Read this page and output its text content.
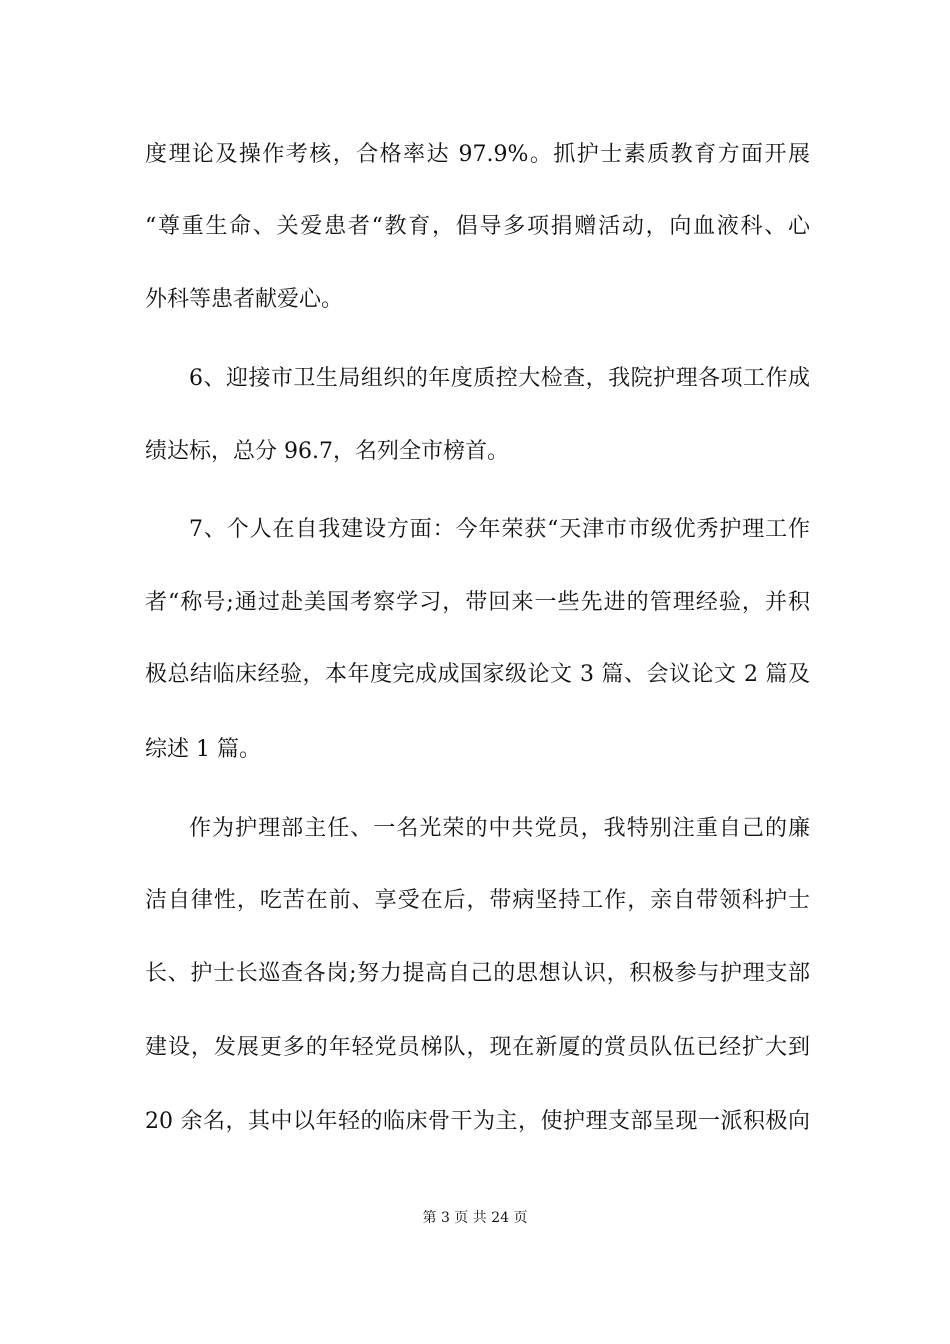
度理论及操作考核，合格率达 97.9%。抓护士素质教育方面开展
“尊重生命、关爱患者“教育，倡导多项捐赠活动，向血液科、心
外科等患者献爱心。
6、迎接市卫生局组织的年度质控大检查，我院护理各项工作成
绩达标，总分 96.7，名列全市榜首。
7、个人在自我建设方面：今年荣获“天津市市级优秀护理工作
者“称号;通过赴美国考察学习，带回来一些先进的管理经验，并积
极总结临床经验，本年度完成成国家级论文 3 篇、会议论文 2 篇及
综述 1 篇。
作为护理部主任、一名光荣的中共党员，我特别注重自己的廉
洁自律性，吃苦在前、享受在后，带病坚持工作，亲自带领科护士
长、护士长巡查各岗;努力提高自己的思想认识，积极参与护理支部
建设，发展更多的年轻党员梯队，现在新厦的赏员队伍已经扩大到
20 余名，其中以年轻的临床骨干为主，使护理支部呈现一派积极向
第 3 页 共 24 页
